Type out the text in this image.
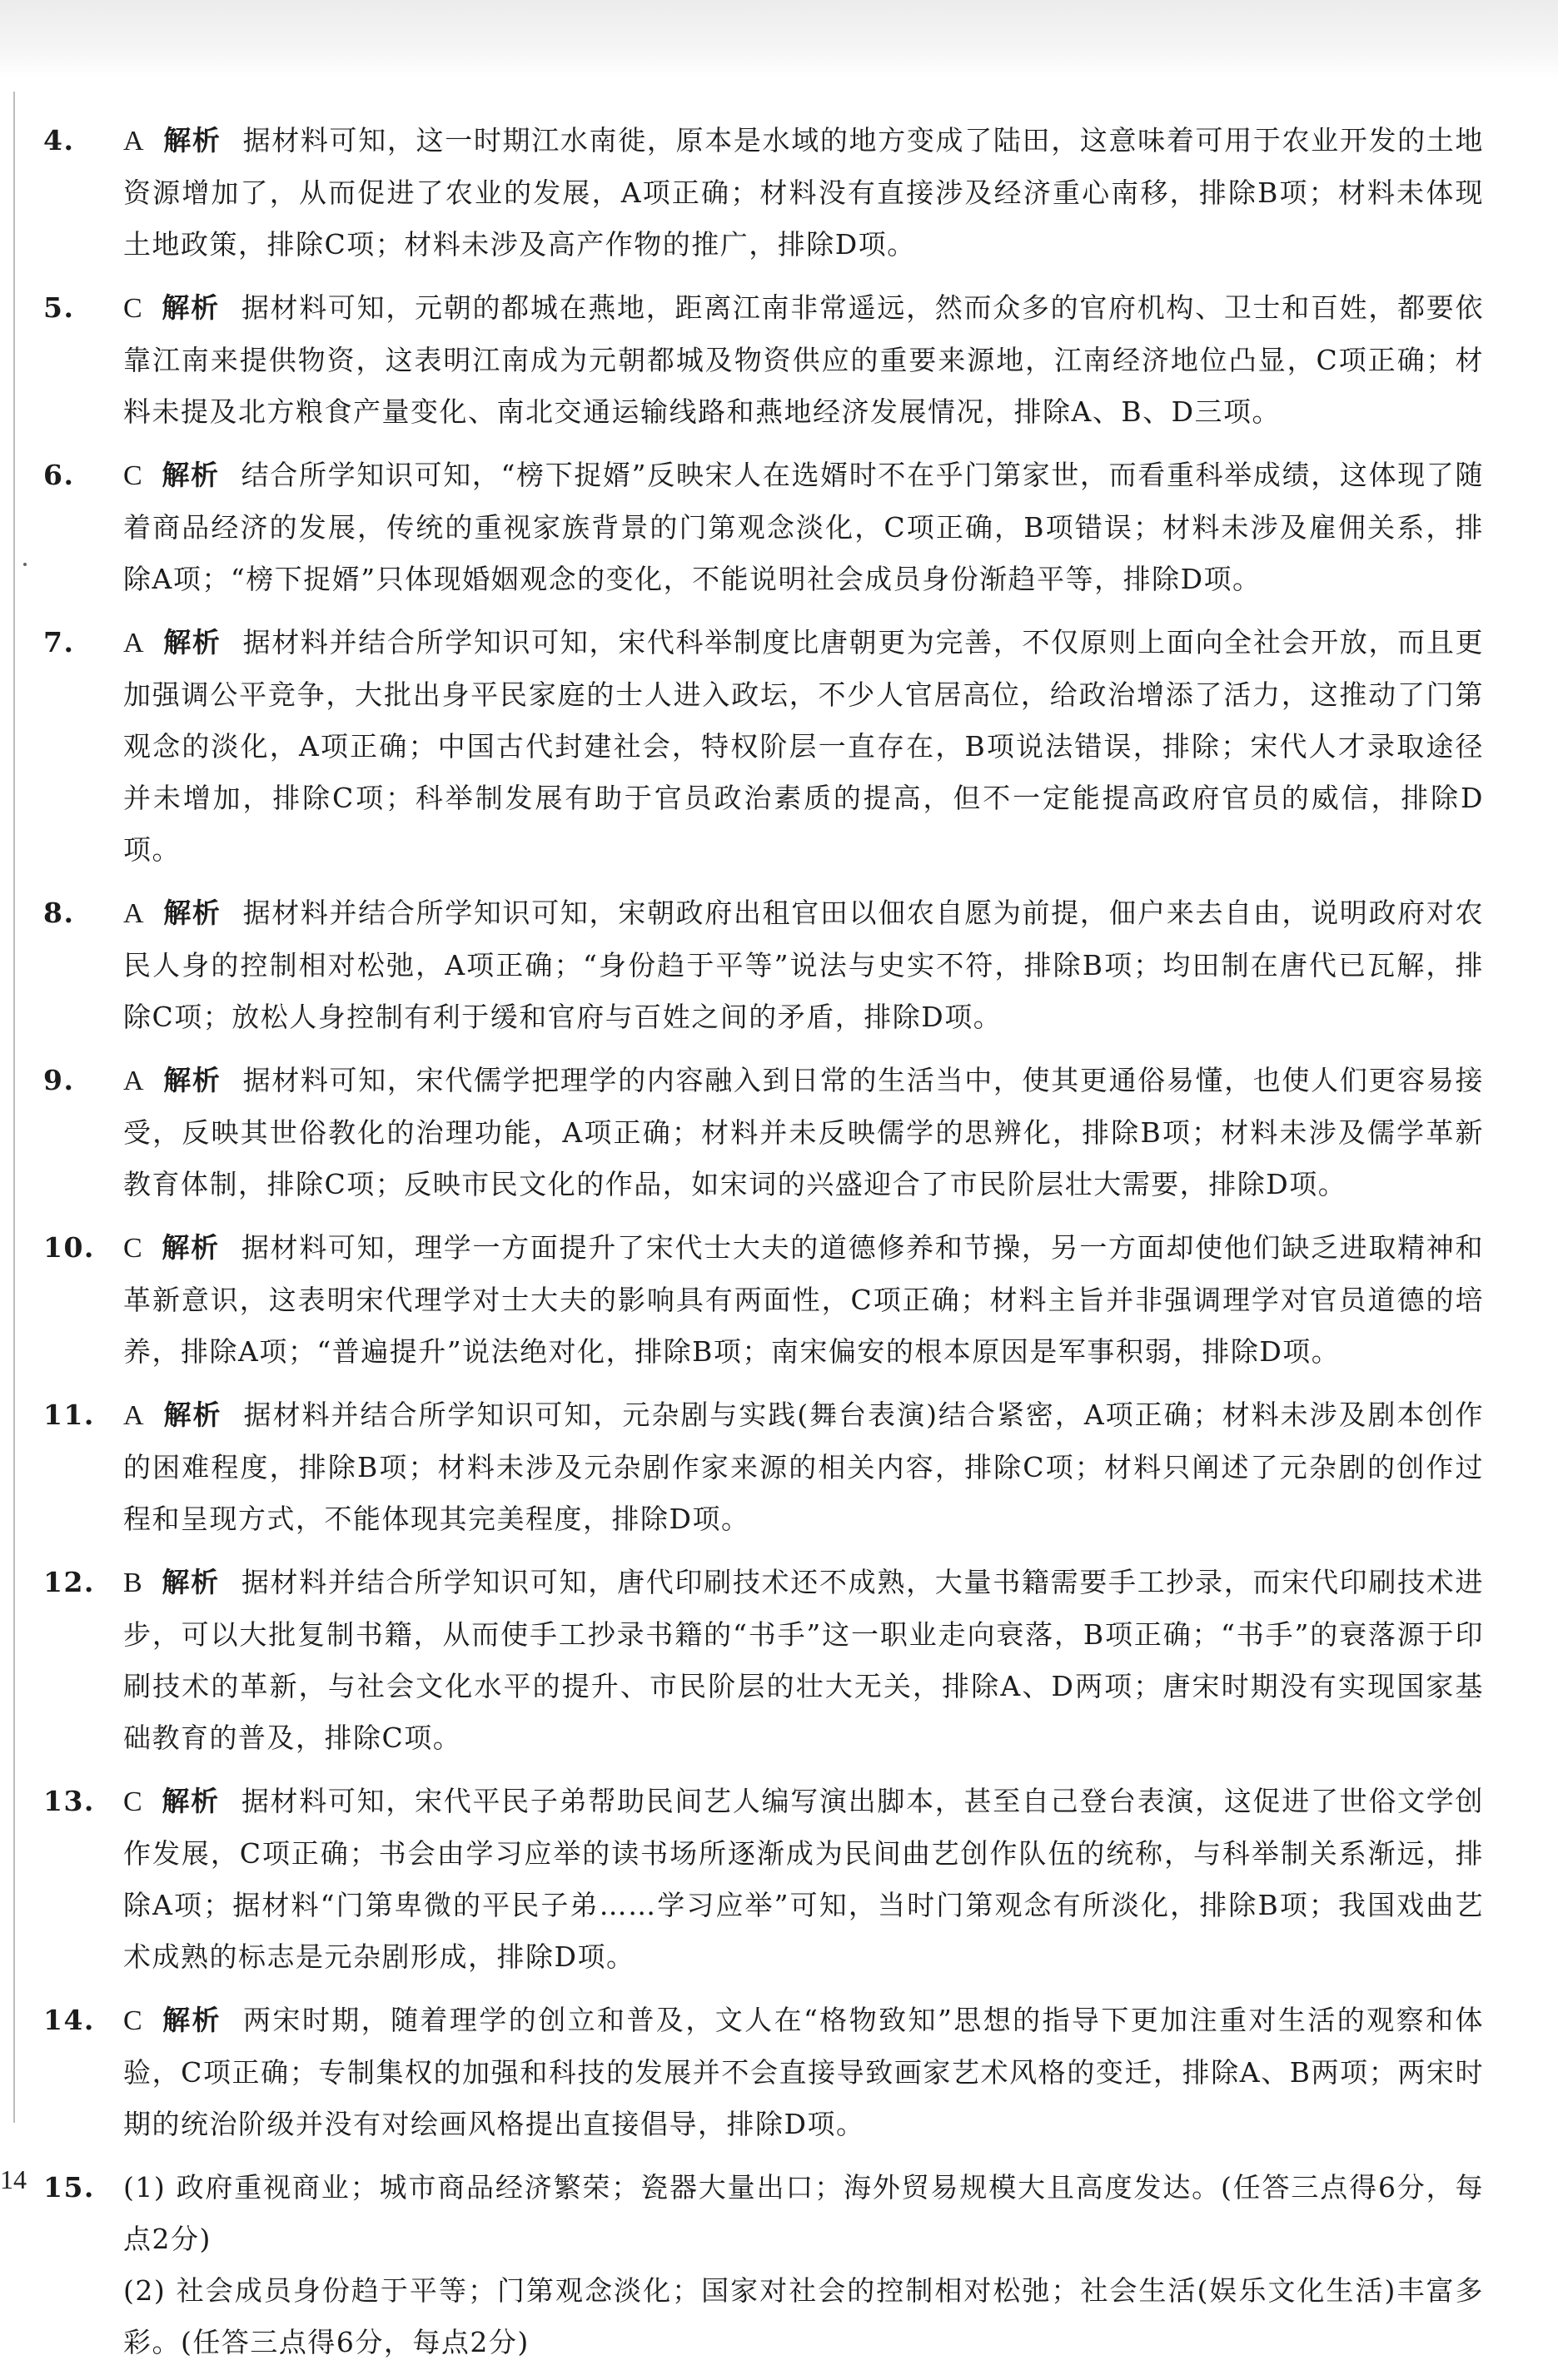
4. A 解析 据材料可知，这一时期江水南徙，原本是水域的地方变成了陆田，这意味着可用于农业开发的土地资源增加了，从而促进了农业的发展，A项正确；材料没有直接涉及经济重心南移，排除B项；材料未体现土地政策，排除C项；材料未涉及高产作物的推广，排除D项。
5. C 解析 据材料可知，元朝的都城在燕地，距离江南非常遥远，然而众多的官府机构、卫士和百姓，都要依靠江南来提供物资，这表明江南成为元朝都城及物资供应的重要来源地，江南经济地位凸显，C项正确；材料未提及北方粮食产量变化、南北交通运输线路和燕地经济发展情况，排除A、B、D三项。
6. C 解析 结合所学知识可知，“榜下捉婿”反映宋人在选婿时不在乎门第家世，而看重科举成绩，这体现了随着商品经济的发展，传统的重视家族背景的门第观念淡化，C项正确，B项错误；材料未涉及雇佣关系，排除A项；“榜下捉婿”只体现婚姻观念的变化，不能说明社会成员身份渐趋平等，排除D项。
7. A 解析 据材料并结合所学知识可知，宋代科举制度比唐朝更为完善，不仅原则上面向全社会开放，而且更加强调公平竞争，大批出身平民家庭的士人进入政坛，不少人官居高位，给政治增添了活力，这推动了门第观念的淡化，A项正确；中国古代封建社会，特权阶层一直存在，B项说法错误，排除；宋代人才录取途径并未增加，排除C项；科举制发展有助于官员政治素质的提高，但不一定能提高政府官员的威信，排除D项。
8. A 解析 据材料并结合所学知识可知，宋朝政府出租官田以佃农自愿为前提，佃户来去自由，说明政府对农民人身的控制相对松弛，A项正确；“身份趋于平等”说法与史实不符，排除B项；均田制在唐代已瓦解，排除C项；放松人身控制有利于缓和官府与百姓之间的矛盾，排除D项。
9. A 解析 据材料可知，宋代儒学把理学的内容融入到日常的生活当中，使其更通俗易懂，也使人们更容易接受，反映其世俗教化的治理功能，A项正确；材料并未反映儒学的思辨化，排除B项；材料未涉及儒学革新教育体制，排除C项；反映市民文化的作品，如宋词的兴盛迎合了市民阶层壮大需要，排除D项。
10. C 解析 据材料可知，理学一方面提升了宋代士大夫的道德修养和节操，另一方面却使他们缺乏进取精神和革新意识，这表明宋代理学对士大夫的影响具有两面性，C项正确；材料主旨并非强调理学对官员道德的培养，排除A项；“普遍提升”说法绝对化，排除B项；南宋偏安的根本原因是军事积弱，排除D项。
11. A 解析 据材料并结合所学知识可知，元杂剧与实践(舞台表演)结合紧密，A项正确；材料未涉及剧本创作的困难程度，排除B项；材料未涉及元杂剧作家来源的相关内容，排除C项；材料只阐述了元杂剧的创作过程和呈现方式，不能体现其完美程度，排除D项。
12. B 解析 据材料并结合所学知识可知，唐代印刷技术还不成熟，大量书籍需要手工抄录，而宋代印刷技术进步，可以大批复制书籍，从而使手工抄录书籍的“书手”这一职业走向衰落，B项正确；“书手”的衰落源于印刷技术的革新，与社会文化水平的提升、市民阶层的壮大无关，排除A、D两项；唐宋时期没有实现国家基础教育的普及，排除C项。
13. C 解析 据材料可知，宋代平民子弟帮助民间艺人编写演出脚本，甚至自己登台表演，这促进了世俗文学创作发展，C项正确；书会由学习应举的读书场所逐渐成为民间曲艺创作队伍的统称，与科举制关系渐远，排除A项；据材料“门第卑微的平民子弟……学习应举”可知，当时门第观念有所淡化，排除B项；我国戏曲艺术成熟的标志是元杂剧形成，排除D项。
14. C 解析 两宋时期，随着理学的创立和普及，文人在“格物致知”思想的指导下更加注重对生活的观察和体验，C项正确；专制集权的加强和科技的发展并不会直接导致画家艺术风格的变迁，排除A、B两项；两宋时期的统治阶级并没有对绘画风格提出直接倡导，排除D项。
15. (1) 政府重视商业；城市商品经济繁荣；瓷器大量出口；海外贸易规模大且高度发达。(任答三点得6分，每点2分)
(2) 社会成员身份趋于平等；门第观念淡化；国家对社会的控制相对松弛；社会生活(娱乐文化生活)丰富多彩。(任答三点得6分，每点2分)
14
